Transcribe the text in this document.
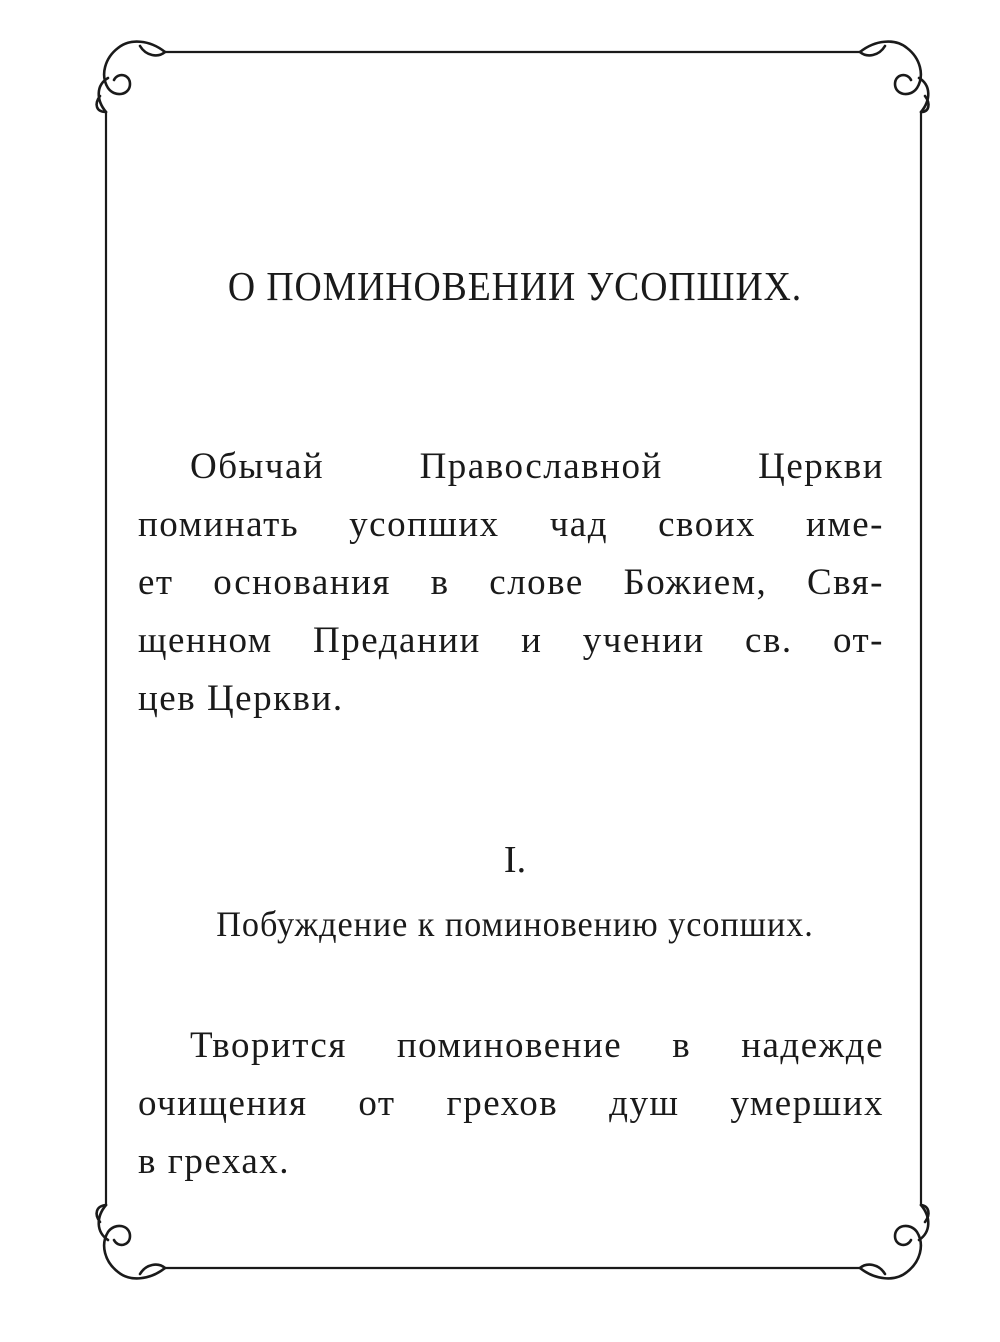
О ПОМИНОВЕНИИ УСОПШИХ.
Обычай Православной Церкви
поминать усопших чад своих име-
ет основания в слове Божием, Свя-
щенном Предании и учении св. от-
цев Церкви.
I.
Побуждение к поминовению усопших.
Творится поминовение в надежде
очищения от грехов душ умерших
в грехах.
